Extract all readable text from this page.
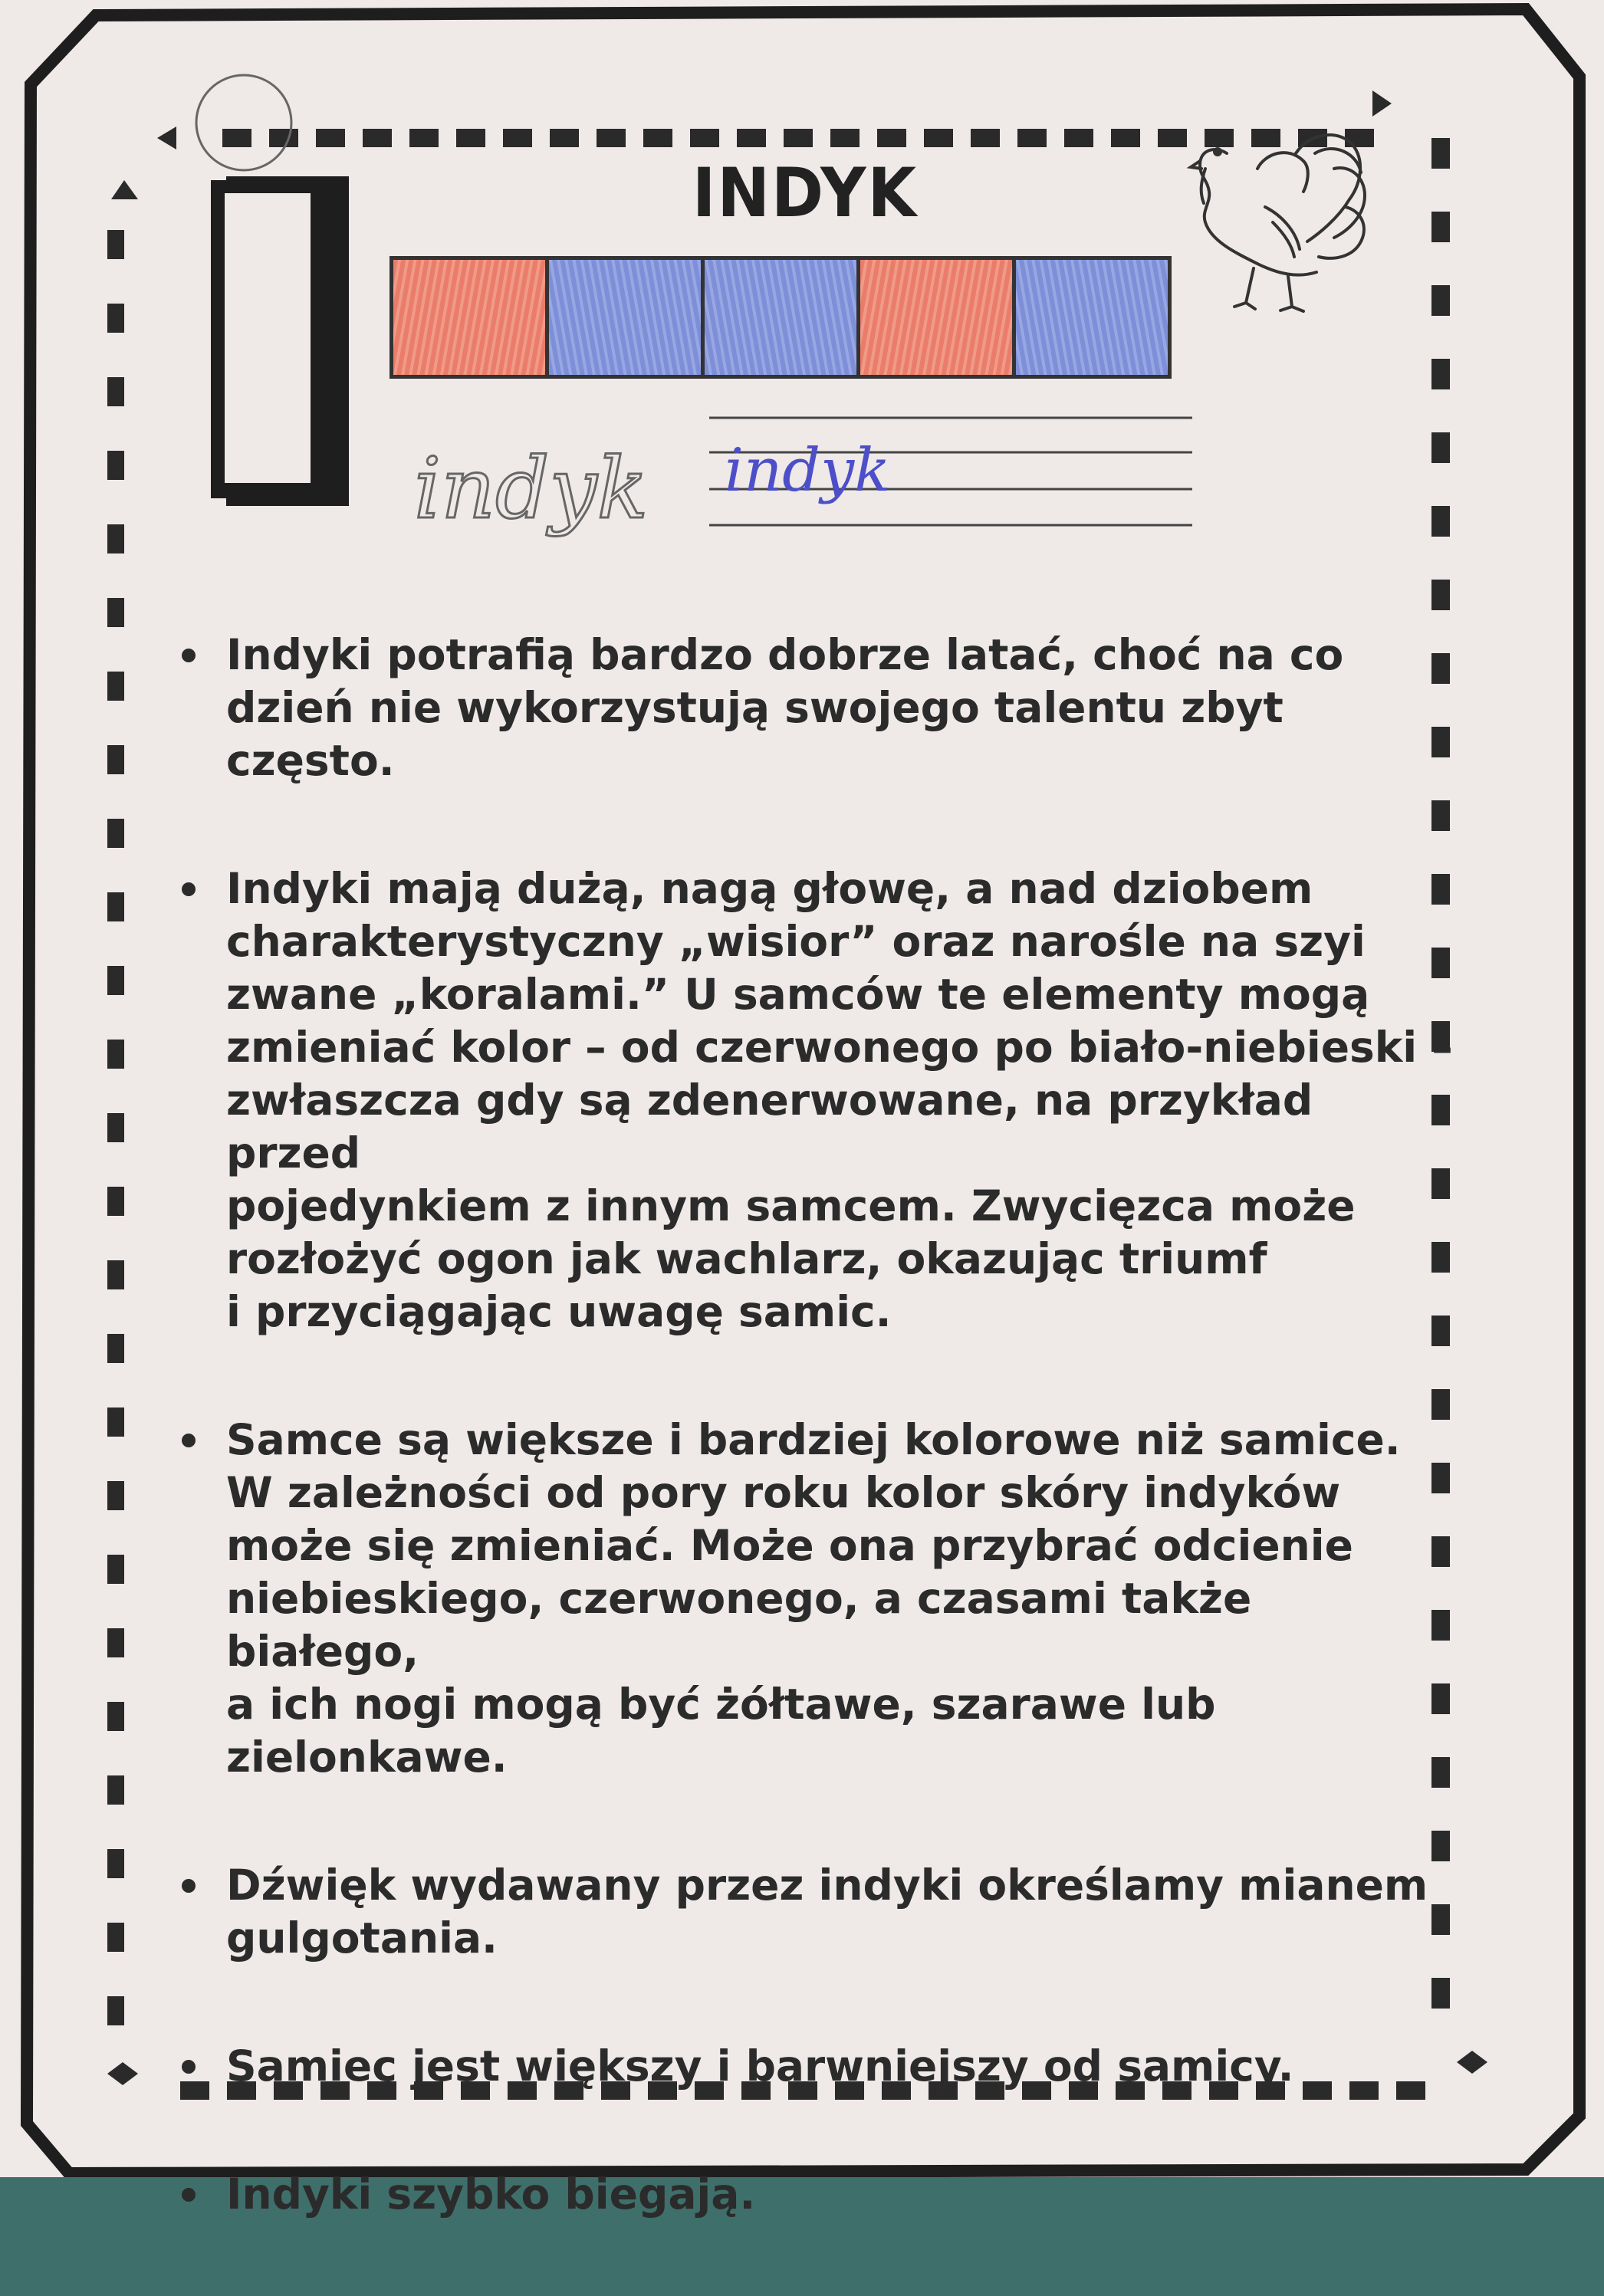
INDYK
indyk indyk
Indyki potrafią bardzo dobrze latać, choć na co
dzień nie wykorzystują swojego talentu zbyt często.
Indyki mają dużą, nagą głowę, a nad dziobem
charakterystyczny „wisior” oraz narośle na szyi
zwane „koralami.” U samców te elementy mogą
zmieniać kolor – od czerwonego po biało-niebieski –
zwłaszcza gdy są zdenerwowane, na przykład przed
pojedynkiem z innym samcem. Zwycięzca może
rozłożyć ogon jak wachlarz, okazując triumf
i przyciągając uwagę samic.
Samce są większe i bardziej kolorowe niż samice.
W zależności od pory roku kolor skóry indyków
może się zmieniać. Może ona przybrać odcienie
niebieskiego, czerwonego, a czasami także białego,
a ich nogi mogą być żółtawe, szarawe lub
zielonkawe.
Dźwięk wydawany przez indyki określamy mianem
gulgotania.
Samiec jest większy i barwniejszy od samicy.
Indyki szybko biegają.
